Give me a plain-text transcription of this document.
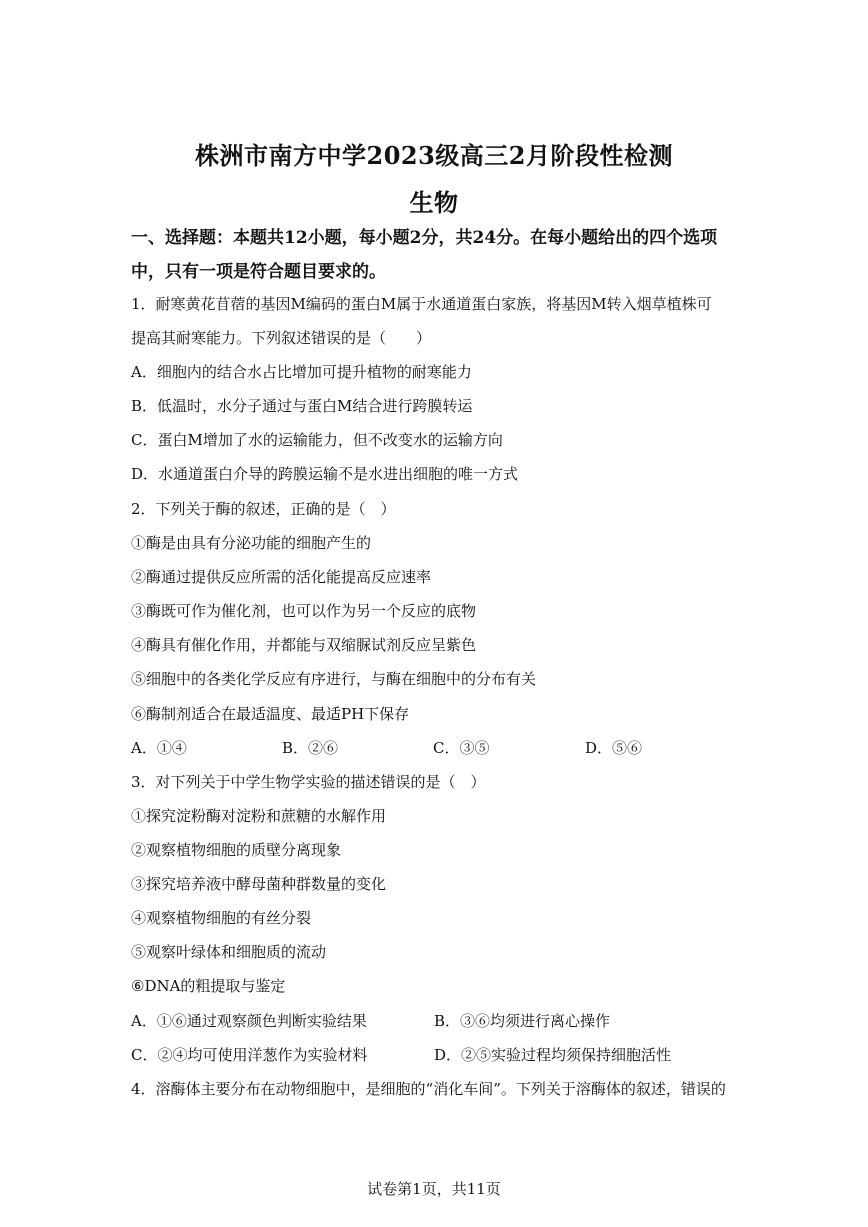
株洲市南方中学2023级高三2月阶段性检测
生物
一、选择题：本题共12小题，每小题2分，共24分。在每小题给出的四个选项中，只有一项是符合题目要求的。
1．耐寒黄花苜蓿的基因M编码的蛋白M属于水通道蛋白家族，将基因M转入烟草植株可
提高其耐寒能力。下列叙述错误的是（　　）
A．细胞内的结合水占比增加可提升植物的耐寒能力
B．低温时，水分子通过与蛋白M结合进行跨膜转运
C．蛋白M增加了水的运输能力，但不改变水的运输方向
D．水通道蛋白介导的跨膜运输不是水进出细胞的唯一方式
2．下列关于酶的叙述，正确的是（　）
①酶是由具有分泌功能的细胞产生的
②酶通过提供反应所需的活化能提高反应速率
③酶既可作为催化剂，也可以作为另一个反应的底物
④酶具有催化作用，并都能与双缩脲试剂反应呈紫色
⑤细胞中的各类化学反应有序进行，与酶在细胞中的分布有关
⑥酶制剂适合在最适温度、最适PH下保存
A．①④	B．②⑥	C．③⑤	D．⑤⑥
3．对下列关于中学生物学实验的描述错误的是（　）
①探究淀粉酶对淀粉和蔗糖的水解作用
②观察植物细胞的质壁分离现象
③探究培养液中酵母菌种群数量的变化
④观察植物细胞的有丝分裂
⑤观察叶绿体和细胞质的流动
⑥DNA的粗提取与鉴定
A．①⑥通过观察颜色判断实验结果	B．③⑥均须进行离心操作
C．②④均可使用洋葱作为实验材料	D．②⑤实验过程均须保持细胞活性
4．溶酶体主要分布在动物细胞中，是细胞的“消化车间”。下列关于溶酶体的叙述，错误的
试卷第1页，共11页
